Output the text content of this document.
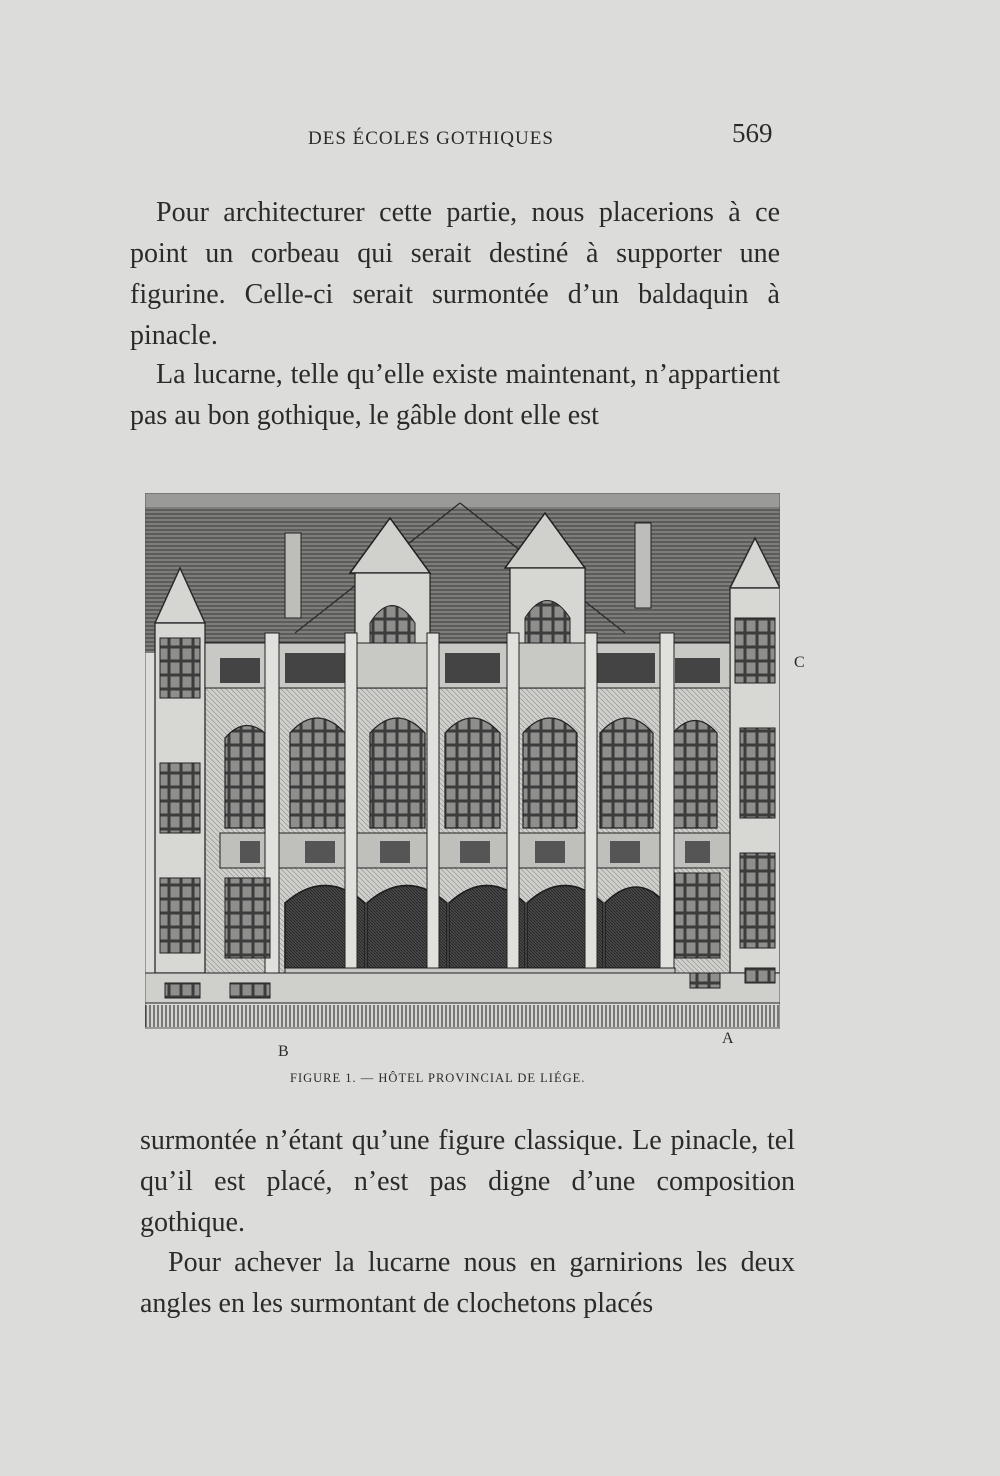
DES ÉCOLES GOTHIQUES	569

Pour architecturer cette partie, nous placerions à ce point un corbeau qui serait destiné à supporter une figurine. Celle-ci serait surmontée d’un baldaquin à pinacle.

La lucarne, telle qu’elle existe maintenant, n’appartient pas au bon gothique, le gâble dont elle est

C
B
A
FIGURE 1. — HÔTEL PROVINCIAL DE LIÉGE.

surmontée n’étant qu’une figure classique. Le pinacle, tel qu’il est placé, n’est pas digne d’une composition gothique.

Pour achever la lucarne nous en garnirions les deux angles en les surmontant de clochetons placés
